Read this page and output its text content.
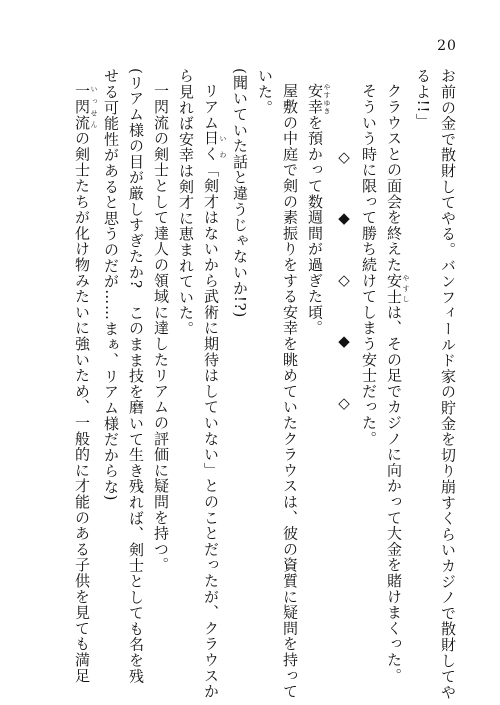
20
お前の金で散財してやる。バンフィールド家の貯金を切り崩すくらいカジノで散財してや
るよ!!」
クラウスとの面会を終えた安士 やすしは、その足でカジノに向かって大金を賭けまくった。
そういう時に限って勝ち続けてしまう安士だった。
◇ ◆ ◇ ◆ ◇
安幸 やすゆきを預かって数週間が過ぎた頃。
屋敷の中庭で剣の素振りをする安幸を眺めていたクラウスは、彼の資質に疑問を持って
いた。
(聞いていた話と違うじゃないか!?)
リアム日く いわ「剣才はないから武術に期待はしていない」とのことだったが、クラウスか
ら見れば安幸は剣才に恵まれていた。
一閃流の剣士として達人の領域に達したリアムの評価に疑問を持つ。
(リアム様の目が厳しすぎたか?　このまま技を磨いて生き残れば、剣士としても名を残
せる可能性があると思うのだが……まぁ、リアム様だからな)
一閃流 いっせんの剣士たちが化け物みたいに強いため、一般的に才能のある子供を見ても満足
